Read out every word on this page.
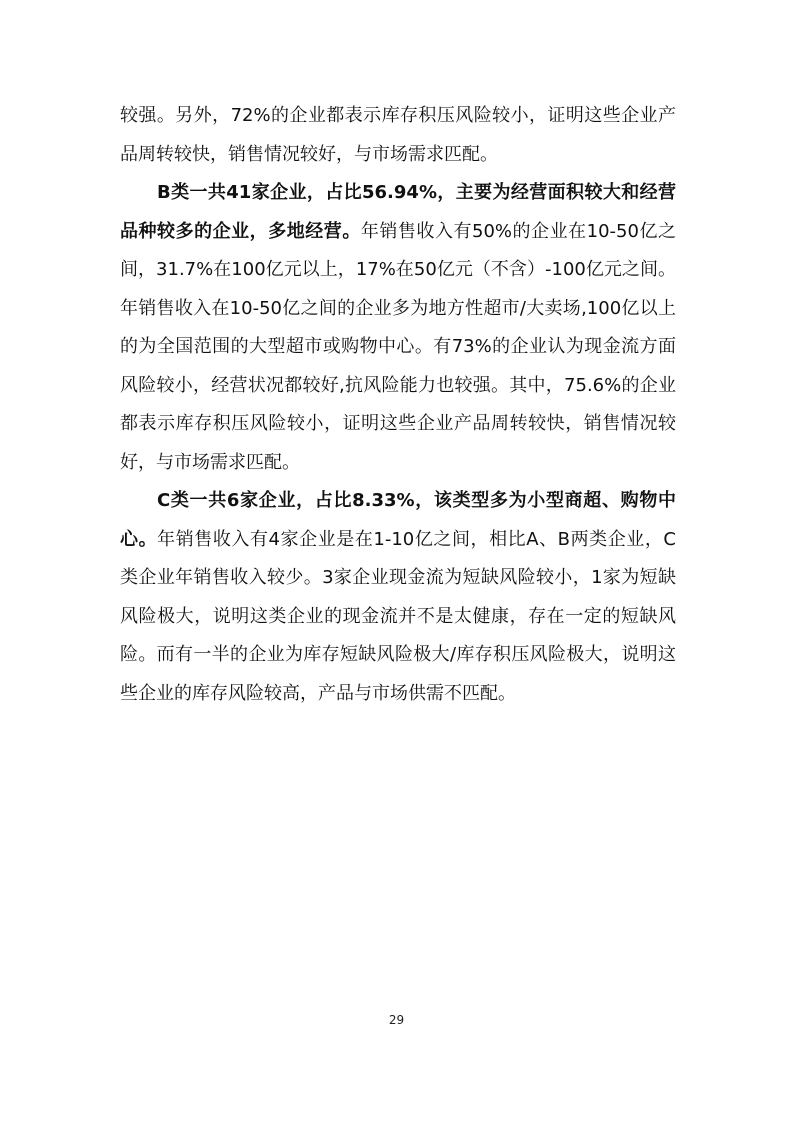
较强。另外，72%的企业都表示库存积压风险较小，证明这些企业产品周转较快，销售情况较好，与市场需求匹配。

B类一共41家企业，占比56.94%，主要为经营面积较大和经营品种较多的企业，多地经营。年销售收入有50%的企业在10-50亿之间，31.7%在100亿元以上，17%在50亿元（不含）-100亿元之间。年销售收入在10-50亿之间的企业多为地方性超市/大卖场,100亿以上的为全国范围的大型超市或购物中心。有73%的企业认为现金流方面风险较小，经营状况都较好,抗风险能力也较强。其中，75.6%的企业都表示库存积压风险较小，证明这些企业产品周转较快，销售情况较好，与市场需求匹配。

C类一共6家企业，占比8.33%，该类型多为小型商超、购物中心。年销售收入有4家企业是在1-10亿之间，相比A、B两类企业，C类企业年销售收入较少。3家企业现金流为短缺风险较小，1家为短缺风险极大，说明这类企业的现金流并不是太健康，存在一定的短缺风险。而有一半的企业为库存短缺风险极大/库存积压风险极大，说明这些企业的库存风险较高，产品与市场供需不匹配。

29
